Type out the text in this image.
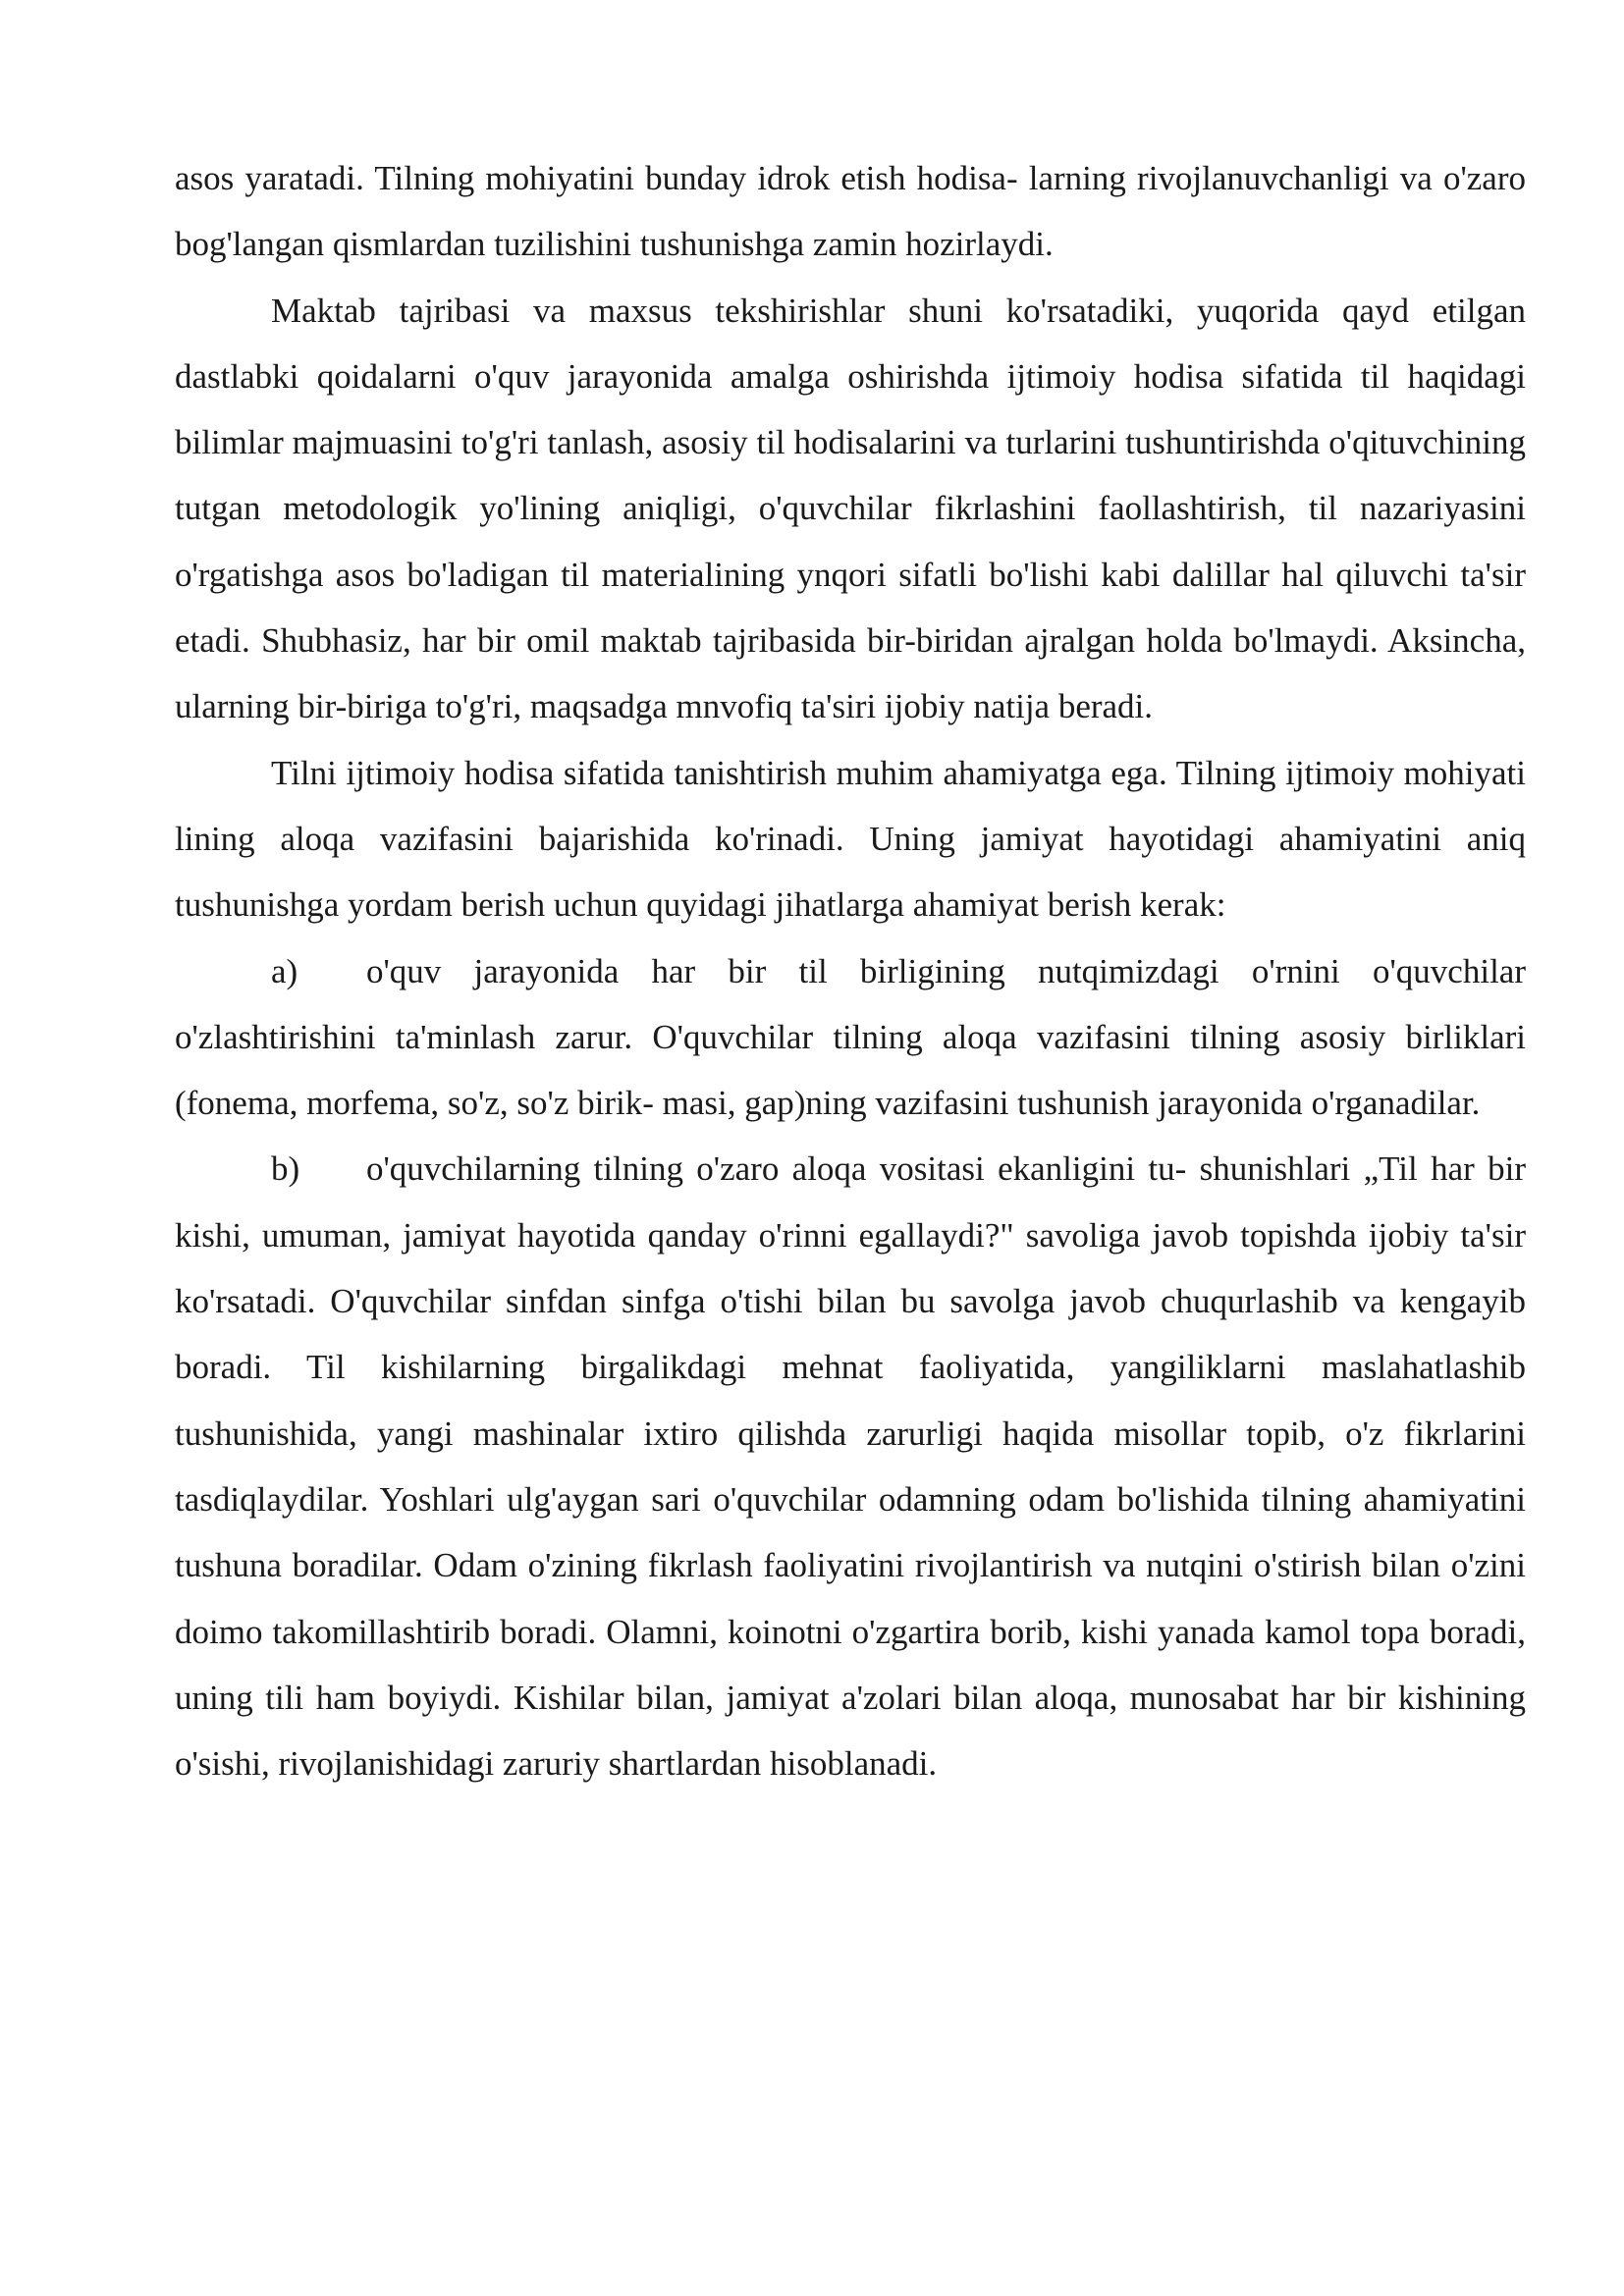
asos yaratadi. Tilning mohiyatini bunday idrok etish hodisa- larning rivojlanuvchanligi va o'zaro bog'langan qismlardan tuzilishini tushunishga zamin hozirlaydi.

Maktab tajribasi va maxsus tekshirishlar shuni ko'rsatadiki, yuqorida qayd etilgan dastlabki qoidalarni o'quv jarayonida amalga oshirishda ijtimoiy hodisa sifatida til haqidagi bilimlar majmuasini to'g'ri tanlash, asosiy til hodisalarini va turlarini tushuntirishda o'qituvchining tutgan metodologik yo'lining aniqligi, o'quvchilar fikrlashini faollashtirish, til nazariyasini o'rgatishga asos bo'ladigan til materialining ynqori sifatli bo'lishi kabi dalillar hal qiluvchi ta'sir etadi. Shubhasiz, har bir omil maktab tajribasida bir-biridan ajralgan holda bo'lmaydi. Aksincha, ularning bir-biriga to'g'ri, maqsadga mnvofiq ta'siri ijobiy natija beradi.

Tilni ijtimoiy hodisa sifatida tanishtirish muhim ahamiyatga ega. Tilning ijtimoiy mohiyati lining aloqa vazifasini bajarishida ko'rinadi. Uning jamiyat hayotidagi ahamiyatini aniq tushunishga yordam berish uchun quyidagi jihatlarga ahamiyat berish kerak:

a) o'quv jarayonida har bir til birligining nutqimizdagi o'rnini o'quvchilar o'zlashtirishini ta'minlash zarur. O'quvchilar tilning aloqa vazifasini tilning asosiy birliklari (fonema, morfema, so'z, so'z birik- masi, gap)ning vazifasini tushunish jarayonida o'rganadilar.

b) o'quvchilarning tilning o'zaro aloqa vositasi ekanligini tu- shunishlari „Til har bir kishi, umuman, jamiyat hayotida qanday o'rinni egallaydi?" savoliga javob topishda ijobiy ta'sir ko'rsatadi. O'quvchilar sinfdan sinfga o'tishi bilan bu savolga javob chuqurlashib va kengayib boradi. Til kishilarning birgalikdagi mehnat faoliyatida, yangiliklarni maslahatlashib tushunishida, yangi mashinalar ixtiro qilishda zarurligi haqida misollar topib, o'z fikrlarini tasdiqlaydilar. Yoshlari ulg'aygan sari o'quvchilar odamning odam bo'lishida tilning ahamiyatini tushuna boradilar. Odam o'zining fikrlash faoliyatini rivojlantirish va nutqini o'stirish bilan o'zini doimo takomillashtirib boradi. Olamni, koinotni o'zgartira borib, kishi yanada kamol topa boradi, uning tili ham boyiydi. Kishilar bilan, jamiyat a'zolari bilan aloqa, munosabat har bir kishining o'sishi, rivojlanishidagi zaruriy shartlardan hisoblanadi.
